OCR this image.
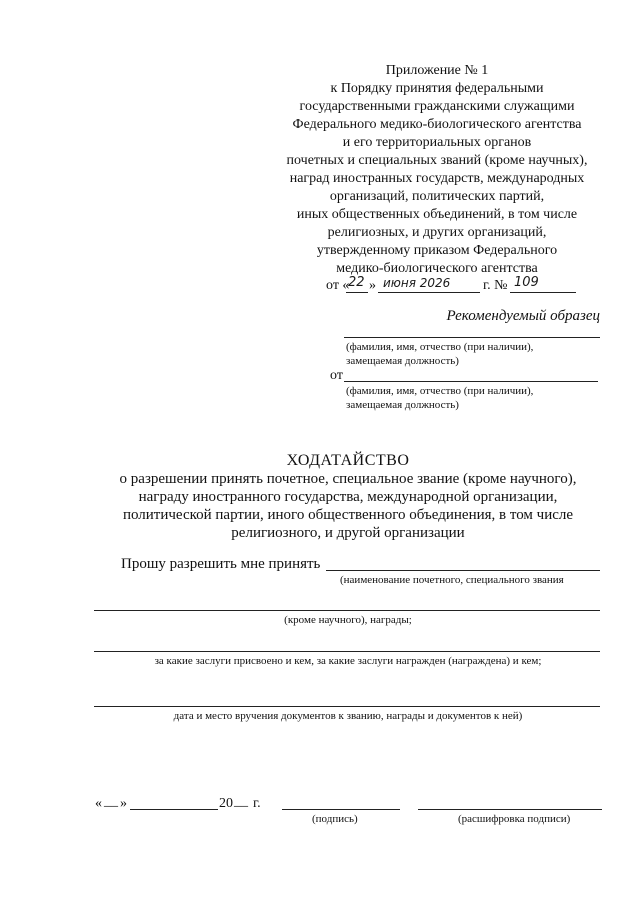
Приложение № 1
к Порядку принятия федеральными
государственными гражданскими служащими
Федерального медико-биологического агентства
и его территориальных органов
почетных и специальных званий (кроме научных),
наград иностранных государств, международных
организаций, политических партий,
иных общественных объединений, в том числе
религиозных, и других организаций,
утвержденному приказом Федерального
медико-биологического агентства
от «
22 » июня 2026 г. № 109
Рекомендуемый образец
(фамилия, имя, отчество (при наличии),
замещаемая должность)
от
(фамилия, имя, отчество (при наличии),
замещаемая должность)
ХОДАТАЙСТВО
о разрешении принять почетное, специальное звание (кроме научного),
награду иностранного государства, международной организации,
политической партии, иного общественного объединения, в том числе
религиозного, и другой организации
Прошу разрешить мне принять
(наименование почетного, специального звания
(кроме научного), награды;
за какие заслуги присвоено и кем, за какие заслуги награжден (награждена) и кем;
дата и место вручения документов к званию, награды и документов к ней)
« __ »	20 __ г.
(подпись)	(расшифровка подписи)
